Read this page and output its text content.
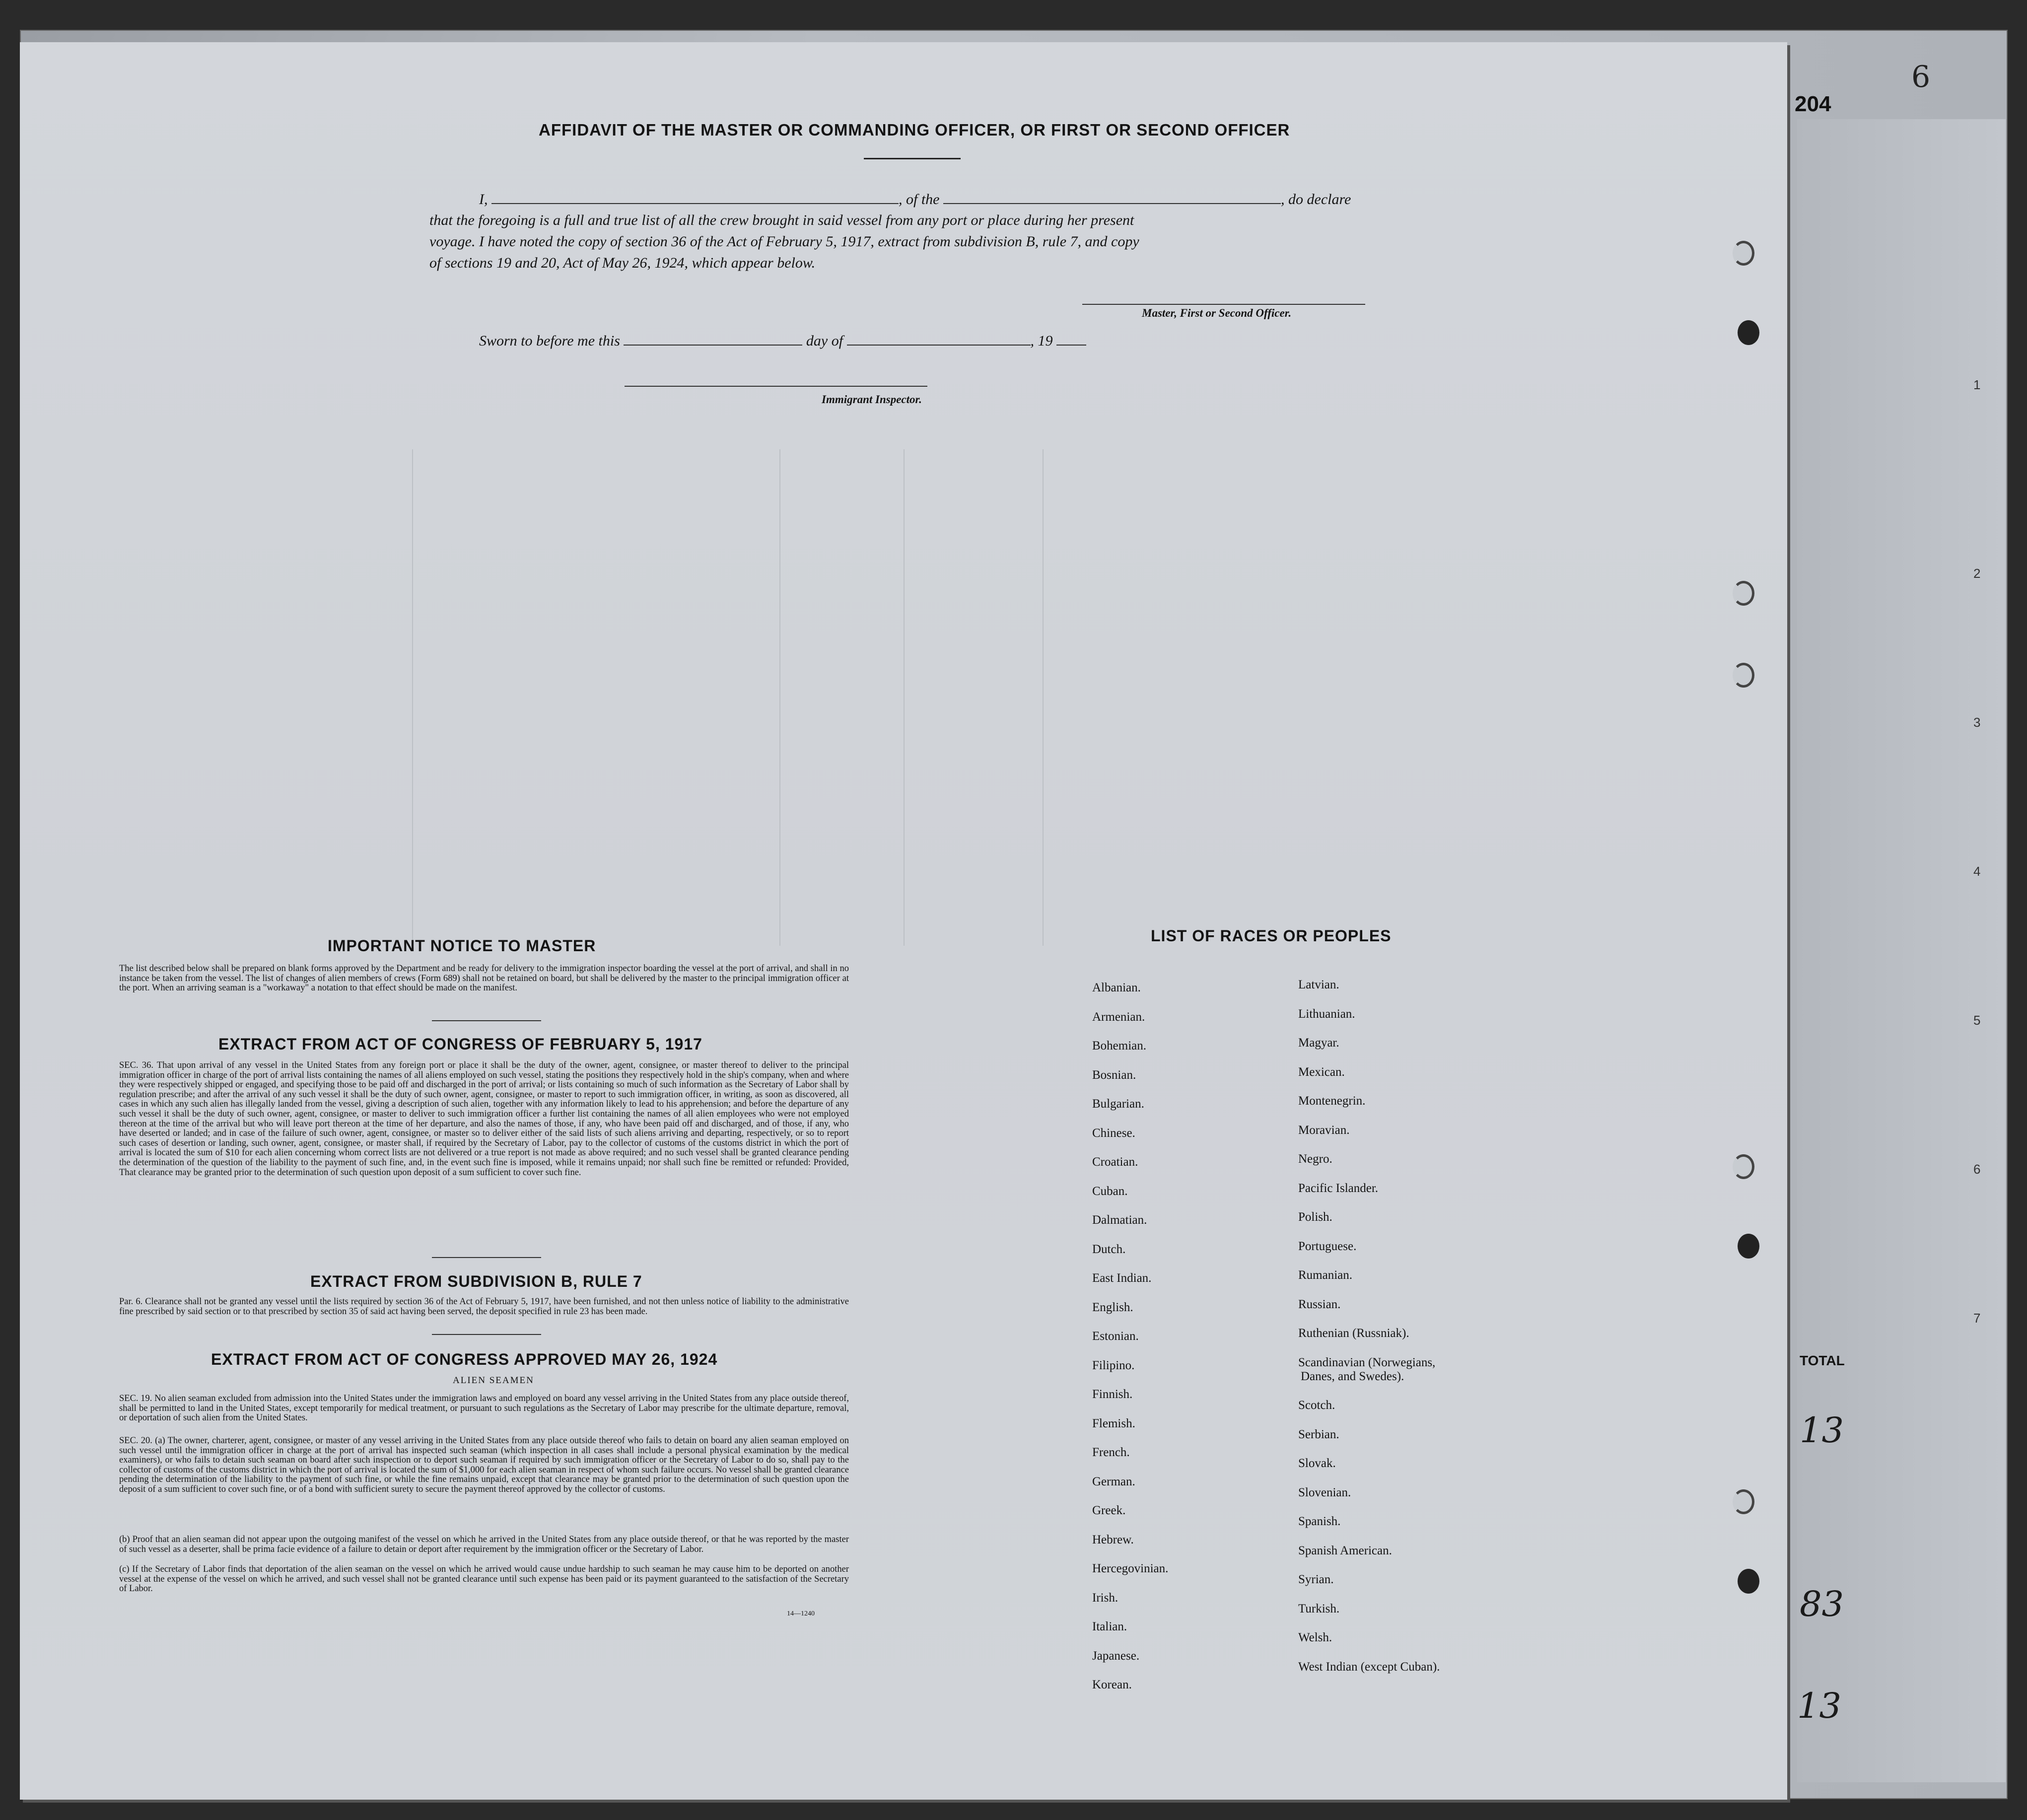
1
2
3
4
5
6
7
204
6
TOTAL
13
83
13
AFFIDAVIT OF THE MASTER OR COMMANDING OFFICER, OR FIRST OR SECOND OFFICER
I,	, of the	, do declare
that the foregoing is a full and true list of all the crew brought in said vessel from any port or place during her present
voyage. I have noted the copy of section 36 of the Act of February 5, 1917, extract from subdivision B, rule 7, and copy
of sections 19 and 20, Act of May 26, 1924, which appear below.
Master, First or Second Officer.
Sworn to before me this	day of	, 19
Immigrant Inspector.
IMPORTANT NOTICE TO MASTER
The list described below shall be prepared on blank forms approved by the Department and be ready for delivery to the immigration inspector boarding the vessel at the port of arrival, and shall in no instance be taken from the vessel. The list of changes of alien members of crews (Form 689) shall not be retained on board, but shall be delivered by the master to the principal immigration officer at the port. When an arriving seaman is a "workaway" a notation to that effect should be made on the manifest.
EXTRACT FROM ACT OF CONGRESS OF FEBRUARY 5, 1917
SEC. 36. That upon arrival of any vessel in the United States from any foreign port or place it shall be the duty of the owner, agent, consignee, or master thereof to deliver to the principal immigration officer in charge of the port of arrival lists containing the names of all aliens employed on such vessel, stating the positions they respectively hold in the ship's company, when and where they were respectively shipped or engaged, and specifying those to be paid off and discharged in the port of arrival; or lists containing so much of such information as the Secretary of Labor shall by regulation prescribe; and after the arrival of any such vessel it shall be the duty of such owner, agent, consignee, or master to report to such immigration officer, in writing, as soon as discovered, all cases in which any such alien has illegally landed from the vessel, giving a description of such alien, together with any information likely to lead to his apprehension; and before the departure of any such vessel it shall be the duty of such owner, agent, consignee, or master to deliver to such immigration officer a further list containing the names of all alien employees who were not employed thereon at the time of the arrival but who will leave port thereon at the time of her departure, and also the names of those, if any, who have been paid off and discharged, and of those, if any, who have deserted or landed; and in case of the failure of such owner, agent, consignee, or master so to deliver either of the said lists of such aliens arriving and departing, respectively, or so to report such cases of desertion or landing, such owner, agent, consignee, or master shall, if required by the Secretary of Labor, pay to the collector of customs of the customs district in which the port of arrival is located the sum of $10 for each alien concerning whom correct lists are not delivered or a true report is not made as above required; and no such vessel shall be granted clearance pending the determination of the question of the liability to the payment of such fine, and, in the event such fine is imposed, while it remains unpaid; nor shall such fine be remitted or refunded: Provided, That clearance may be granted prior to the determination of such question upon deposit of a sum sufficient to cover such fine.
EXTRACT FROM SUBDIVISION B, RULE 7
Par. 6. Clearance shall not be granted any vessel until the lists required by section 36 of the Act of February 5, 1917, have been furnished, and not then unless notice of liability to the administrative fine prescribed by said section or to that prescribed by section 35 of said act having been served, the deposit specified in rule 23 has been made.
EXTRACT FROM ACT OF CONGRESS APPROVED MAY 26, 1924
ALIEN SEAMEN
SEC. 19. No alien seaman excluded from admission into the United States under the immigration laws and employed on board any vessel arriving in the United States from any place outside thereof, shall be permitted to land in the United States, except temporarily for medical treatment, or pursuant to such regulations as the Secretary of Labor may prescribe for the ultimate departure, removal, or deportation of such alien from the United States.
SEC. 20. (a) The owner, charterer, agent, consignee, or master of any vessel arriving in the United States from any place outside thereof who fails to detain on board any alien seaman employed on such vessel until the immigration officer in charge at the port of arrival has inspected such seaman (which inspection in all cases shall include a personal physical examination by the medical examiners), or who fails to detain such seaman on board after such inspection or to deport such seaman if required by such immigration officer or the Secretary of Labor to do so, shall pay to the collector of customs of the customs district in which the port of arrival is located the sum of $1,000 for each alien seaman in respect of whom such failure occurs. No vessel shall be granted clearance pending the determination of the liability to the payment of such fine, or while the fine remains unpaid, except that clearance may be granted prior to the determination of such question upon the deposit of a sum sufficient to cover such fine, or of a bond with sufficient surety to secure the payment thereof approved by the collector of customs.
(b) Proof that an alien seaman did not appear upon the outgoing manifest of the vessel on which he arrived in the United States from any place outside thereof, or that he was reported by the master of such vessel as a deserter, shall be prima facie evidence of a failure to detain or deport after requirement by the immigration officer or the Secretary of Labor.
(c) If the Secretary of Labor finds that deportation of the alien seaman on the vessel on which he arrived would cause undue hardship to such seaman he may cause him to be deported on another vessel at the expense of the vessel on which he arrived, and such vessel shall not be granted clearance until such expense has been paid or its payment guaranteed to the satisfaction of the Secretary of Labor.
14—1240
LIST OF RACES OR PEOPLES
Albanian.
Armenian.
Bohemian.
Bosnian.
Bulgarian.
Chinese.
Croatian.
Cuban.
Dalmatian.
Dutch.
East Indian.
English.
Estonian.
Filipino.
Finnish.
Flemish.
French.
German.
Greek.
Hebrew.
Hercegovinian.
Irish.
Italian.
Japanese.
Korean.
Latvian.
Lithuanian.
Magyar.
Mexican.
Montenegrin.
Moravian.
Negro.
Pacific Islander.
Polish.
Portuguese.
Rumanian.
Russian.
Ruthenian (Russniak).
Scandinavian (Norwegians,
Danes, and Swedes).
Scotch.
Serbian.
Slovak.
Slovenian.
Spanish.
Spanish American.
Syrian.
Turkish.
Welsh.
West Indian (except Cuban).
